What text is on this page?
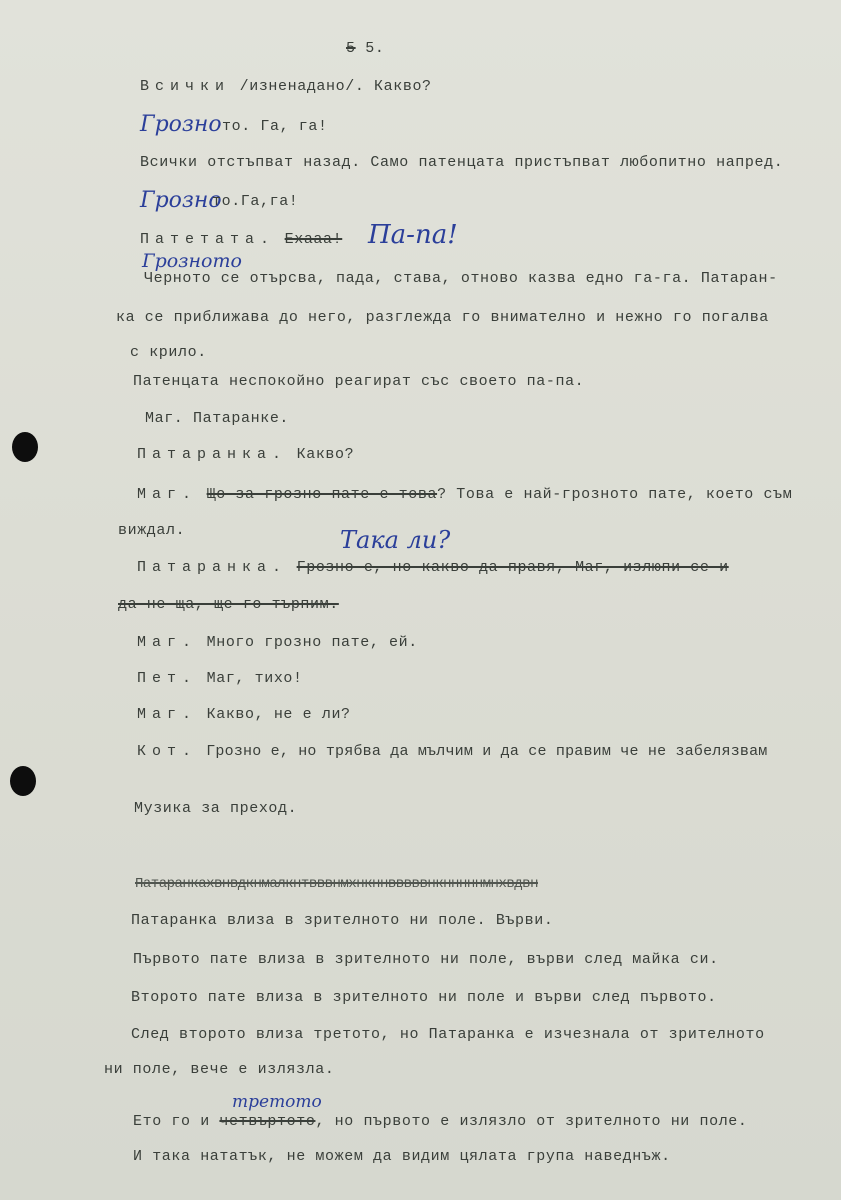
5 5.
Всички /изненадано/. Какво?
Грозно то. Га, га!
Всички отстъпват назад. Само патенцата пристъпват любопитно напред.
Грозно
то.Га,га!
Патетата. Ехааа! Па-па!
Грозното
Черното се отърсва, пада, става, отново казва едно га-га. Патаран-
ка се приближава до него, разглежда го внимателно и нежно го погалва
с крило.
Патенцата неспокойно реагират със своето па-па.
Маг. Патаранке.
Патаранка. Какво?
Маг. Що за грозно пате е това? Това е най-грозното пате, което съм
виждал.	Така ли?
Патаранка. Грозно е, но какво да правя, Маг, излюпи се и
да не ща, ще го търпим.
Маг. Много грозно пате, ей.
Пет. Маг, тихо!
Маг. Какво, не е ли?
Кот. Грозно е, но трябва да мълчим и да се правим че не забелязвам
Музика за преход.
Патаранкахвнвдкнмалкнтвввнмхнкннвввввнкнннннмнхвдвн
Патаранка влиза в зрителното ни поле. Върви.
Първото пате влиза в зрителното ни поле, върви след майка си.
Второто пате влиза в зрителното ни поле и върви след първото.
След второто влиза третото, но Патаранка е изчезнала от зрителното
ни поле, вече е излязла.
третото
Ето го и четвъртото, но първото е излязло от зрителното ни поле.
И така нататък, не можем да видим цялата група наведнъж.
